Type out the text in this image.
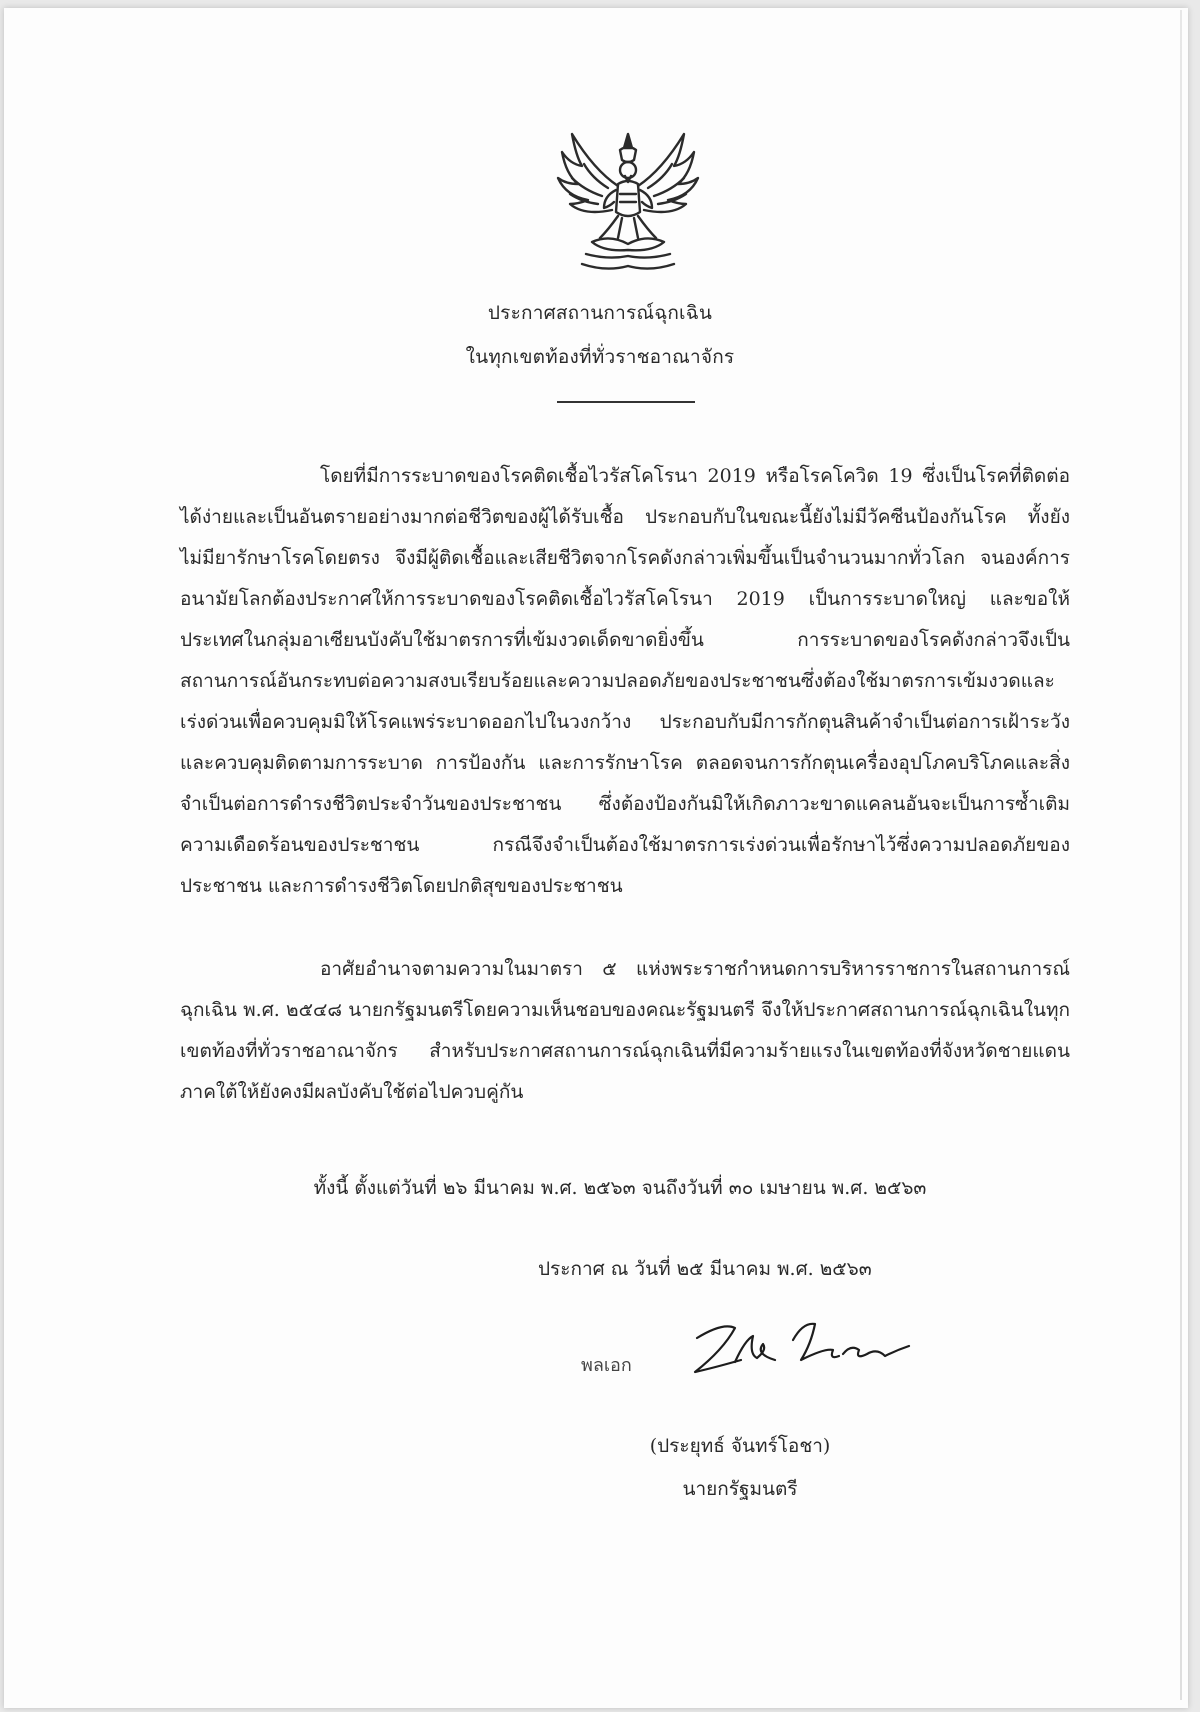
ประกาศสถานการณ์ฉุกเฉิน
ในทุกเขตท้องที่ทั่วราชอาณาจักร

โดยที่มีการระบาดของโรคติดเชื้อไวรัสโคโรนา 2019 หรือโรคโควิด 19 ซึ่งเป็นโรคที่ติดต่อได้ง่ายและเป็นอันตรายอย่างมากต่อชีวิตของผู้ได้รับเชื้อ ประกอบกับในขณะนี้ยังไม่มีวัคซีนป้องกันโรค ทั้งยังไม่มียารักษาโรคโดยตรง จึงมีผู้ติดเชื้อและเสียชีวิตจากโรคดังกล่าวเพิ่มขึ้นเป็นจำนวนมากทั่วโลก จนองค์การอนามัยโลกต้องประกาศให้การระบาดของโรคติดเชื้อไวรัสโคโรนา 2019 เป็นการระบาดใหญ่ และขอให้ประเทศในกลุ่มอาเซียนบังคับใช้มาตรการที่เข้มงวดเด็ดขาดยิ่งขึ้น การระบาดของโรคดังกล่าวจึงเป็นสถานการณ์อันกระทบต่อความสงบเรียบร้อยและความปลอดภัยของประชาชนซึ่งต้องใช้มาตรการเข้มงวดและเร่งด่วนเพื่อควบคุมมิให้โรคแพร่ระบาดออกไปในวงกว้าง ประกอบกับมีการกักตุนสินค้าจำเป็นต่อการเฝ้าระวังและควบคุมติดตามการระบาด การป้องกัน และการรักษาโรค ตลอดจนการกักตุนเครื่องอุปโภคบริโภคและสิ่งจำเป็นต่อการดำรงชีวิตประจำวันของประชาชน ซึ่งต้องป้องกันมิให้เกิดภาวะขาดแคลนอันจะเป็นการซ้ำเติมความเดือดร้อนของประชาชน กรณีจึงจำเป็นต้องใช้มาตรการเร่งด่วนเพื่อรักษาไว้ซึ่งความปลอดภัยของประชาชน และการดำรงชีวิตโดยปกติสุขของประชาชน

อาศัยอำนาจตามความในมาตรา ๕ แห่งพระราชกำหนดการบริหารราชการในสถานการณ์ฉุกเฉิน พ.ศ. ๒๕๔๘ นายกรัฐมนตรีโดยความเห็นชอบของคณะรัฐมนตรี จึงให้ประกาศสถานการณ์ฉุกเฉินในทุกเขตท้องที่ทั่วราชอาณาจักร สำหรับประกาศสถานการณ์ฉุกเฉินที่มีความร้ายแรงในเขตท้องที่จังหวัดชายแดนภาคใต้ให้ยังคงมีผลบังคับใช้ต่อไปควบคู่กัน

ทั้งนี้ ตั้งแต่วันที่ ๒๖ มีนาคม พ.ศ. ๒๕๖๓ จนถึงวันที่ ๓๐ เมษายน พ.ศ. ๒๕๖๓
ประกาศ ณ วันที่ ๒๕ มีนาคม พ.ศ. ๒๕๖๓
พลเอก
(ประยุทธ์ จันทร์โอชา)
นายกรัฐมนตรี
